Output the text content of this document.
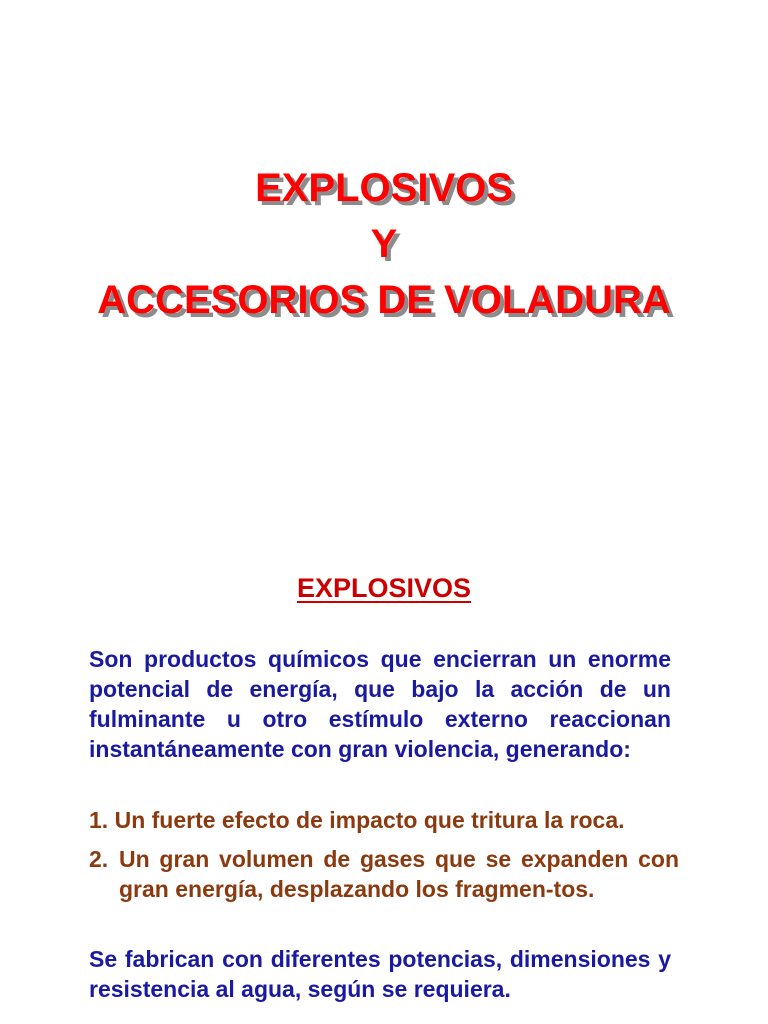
EXPLOSIVOS
Y
ACCESORIOS DE VOLADURA
EXPLOSIVOS
Son productos químicos que encierran un enorme potencial de energía, que bajo la acción de un fulminante u otro estímulo externo reaccionan instantáneamente con gran violencia, generando:
1. Un fuerte efecto de impacto que tritura la roca.
2. Un gran volumen de gases que se expanden con gran energía, desplazando los fragmen-tos.
Se fabrican con diferentes potencias, dimensiones y resistencia al agua, según se requiera.
